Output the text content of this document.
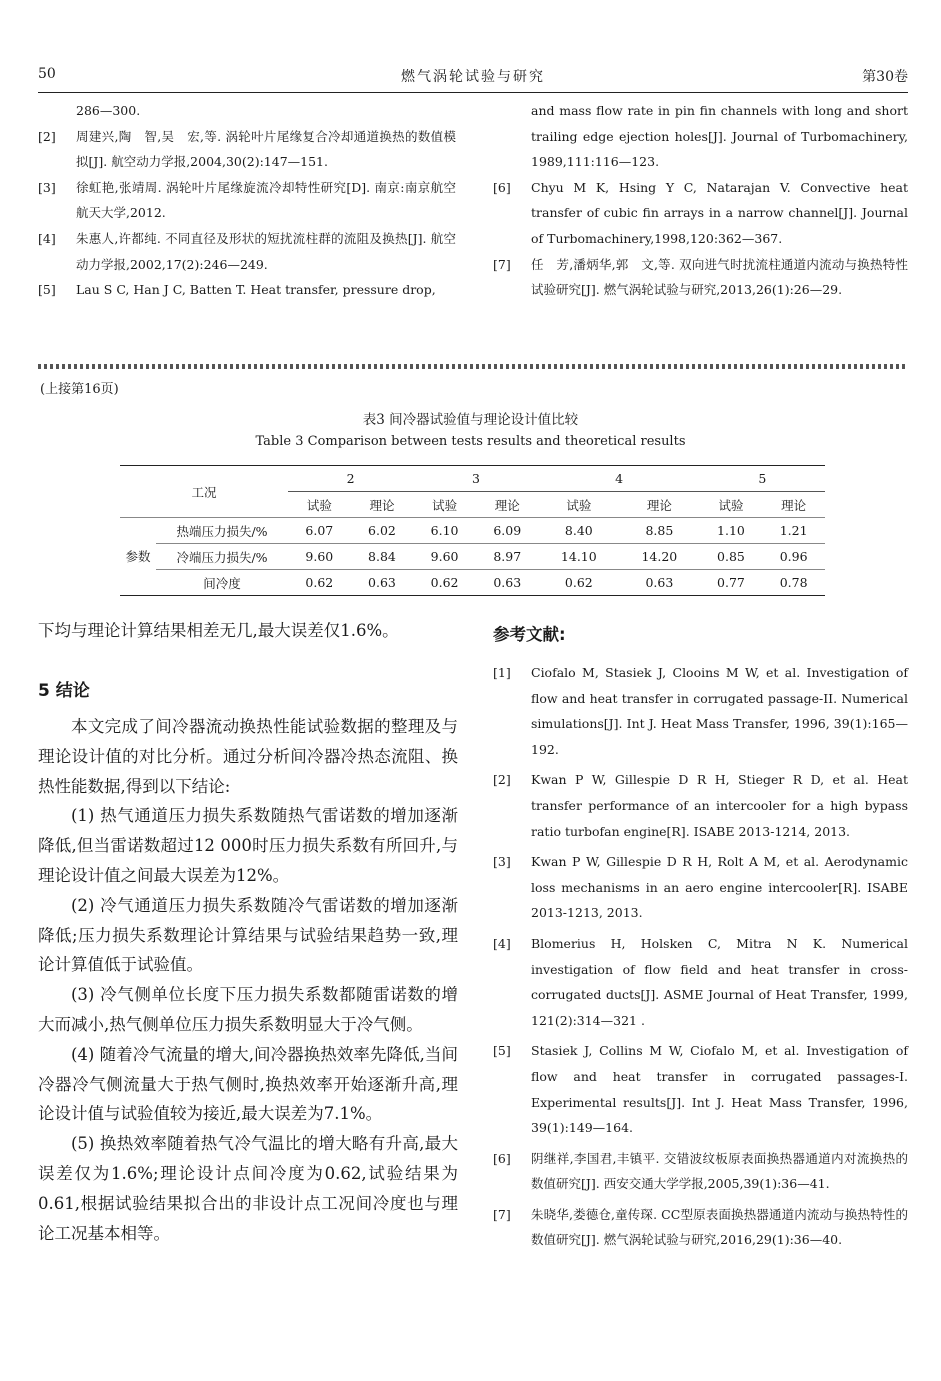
50	燃气涡轮试验与研究	第30卷
286—300.
[2]	周建兴,陶　智,吴　宏,等. 涡轮叶片尾缘复合冷却通道换热的数值模拟[J]. 航空动力学报,2004,30(2):147—151.
[3]	徐虹艳,张靖周. 涡轮叶片尾缘旋流冷却特性研究[D]. 南京:南京航空航天大学,2012.
[4]	朱惠人,许都纯. 不同直径及形状的短扰流柱群的流阻及换热[J]. 航空动力学报,2002,17(2):246—249.
[5]	Lau S C, Han J C, Batten T. Heat transfer, pressure drop,
and mass flow rate in pin fin channels with long and short trailing edge ejection holes[J]. Journal of Turbomachinery, 1989,111:116—123.
[6]	Chyu M K, Hsing Y C, Natarajan V. Convective heat transfer of cubic fin arrays in a narrow channel[J]. Journal of Turbomachinery,1998,120:362—367.
[7]	任　芳,潘炳华,郭　文,等. 双向进气时扰流柱通道内流动与换热特性试验研究[J]. 燃气涡轮试验与研究,2013,26(1):26—29.
(上接第16页)
表3 间冷器试验值与理论设计值比较
Table 3 Comparison between tests results and theoretical results
工况		2		3		4		5	
		试验	理论	试验	理论	试验	理论	试验	理论
参数	热端压力损失/%	6.07	6.02	6.10	6.09	8.40	8.85	1.10	1.21
	冷端压力损失/%	9.60	8.84	9.60	8.97	14.10	14.20	0.85	0.96
	间冷度	0.62	0.63	0.62	0.63	0.62	0.63	0.77	0.78

下均与理论计算结果相差无几,最大误差仅1.6%。

5 结论

本文完成了间冷器流动换热性能试验数据的整理及与理论设计值的对比分析。通过分析间冷器冷热态流阻、换热性能数据,得到以下结论:

(1) 热气通道压力损失系数随热气雷诺数的增加逐渐降低,但当雷诺数超过12 000时压力损失系数有所回升,与理论设计值之间最大误差为12%。

(2) 冷气通道压力损失系数随冷气雷诺数的增加逐渐降低;压力损失系数理论计算结果与试验结果趋势一致,理论计算值低于试验值。

(3) 冷气侧单位长度下压力损失系数都随雷诺数的增大而减小,热气侧单位压力损失系数明显大于冷气侧。

(4) 随着冷气流量的增大,间冷器换热效率先降低,当间冷器冷气侧流量大于热气侧时,换热效率开始逐渐升高,理论设计值与试验值较为接近,最大误差为7.1%。

(5) 换热效率随着热气冷气温比的增大略有升高,最大误差仅为1.6%;理论设计点间冷度为0.62,试验结果为0.61,根据试验结果拟合出的非设计点工况间冷度也与理论工况基本相等。

参考文献:
[1]	Ciofalo M, Stasiek J, Clooins M W, et al. Investigation of flow and heat transfer in corrugated passage-II. Numerical simulations[J]. Int J. Heat Mass Transfer, 1996, 39(1):165—192.
[2]	Kwan P W, Gillespie D R H, Stieger R D, et al. Heat transfer performance of an intercooler for a high bypass ratio turbofan engine[R]. ISABE 2013-1214, 2013.
[3]	Kwan P W, Gillespie D R H, Rolt A M, et al. Aerodynamic loss mechanisms in an aero engine intercooler[R]. ISABE 2013-1213, 2013.
[4]	Blomerius H, Holsken C, Mitra N K. Numerical investigation of flow field and heat transfer in cross-corrugated ducts[J]. ASME Journal of Heat Transfer, 1999, 121(2):314—321 .
[5]	Stasiek J, Collins M W, Ciofalo M, et al. Investigation of flow and heat transfer in corrugated passages-I. Experimental results[J]. Int J. Heat Mass Transfer, 1996, 39(1):149—164.
[6]	阴继祥,李国君,丰镇平. 交错波纹板原表面换热器通道内对流换热的数值研究[J]. 西安交通大学学报,2005,39(1):36—41.
[7]	朱晓华,娄德仓,童传琛. CC型原表面换热器通道内流动与换热特性的数值研究[J]. 燃气涡轮试验与研究,2016,29(1):36—40.
